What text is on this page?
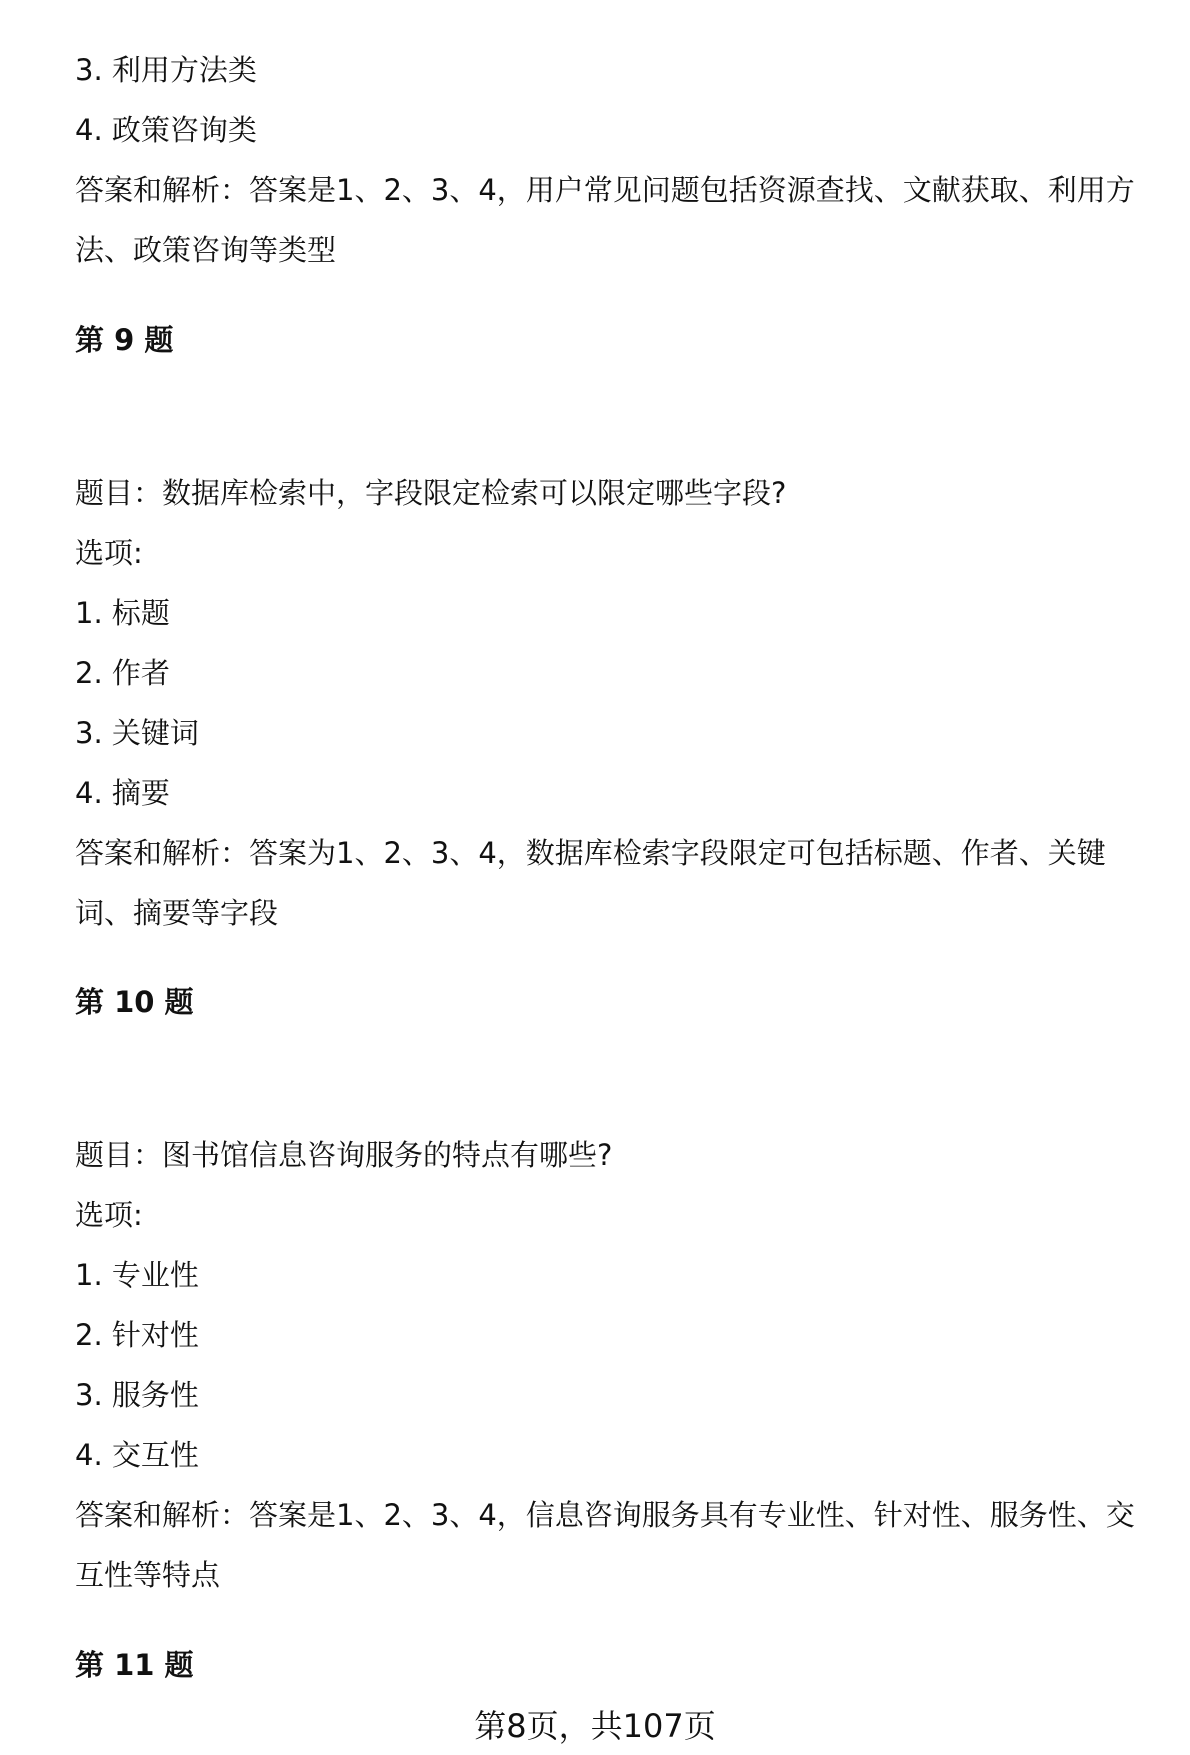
3. 利用方法类
4. 政策咨询类
答案和解析：答案是1、2、3、4，用户常见问题包括资源查找、文献获取、利用方
法、政策咨询等类型
第 9 题
题目：数据库检索中，字段限定检索可以限定哪些字段?
选项:
1. 标题
2. 作者
3. 关键词
4. 摘要
答案和解析：答案为1、2、3、4，数据库检索字段限定可包括标题、作者、关键
词、摘要等字段
第 10 题
题目：图书馆信息咨询服务的特点有哪些?
选项:
1. 专业性
2. 针对性
3. 服务性
4. 交互性
答案和解析：答案是1、2、3、4，信息咨询服务具有专业性、针对性、服务性、交
互性等特点
第 11 题
第8页，共107页
